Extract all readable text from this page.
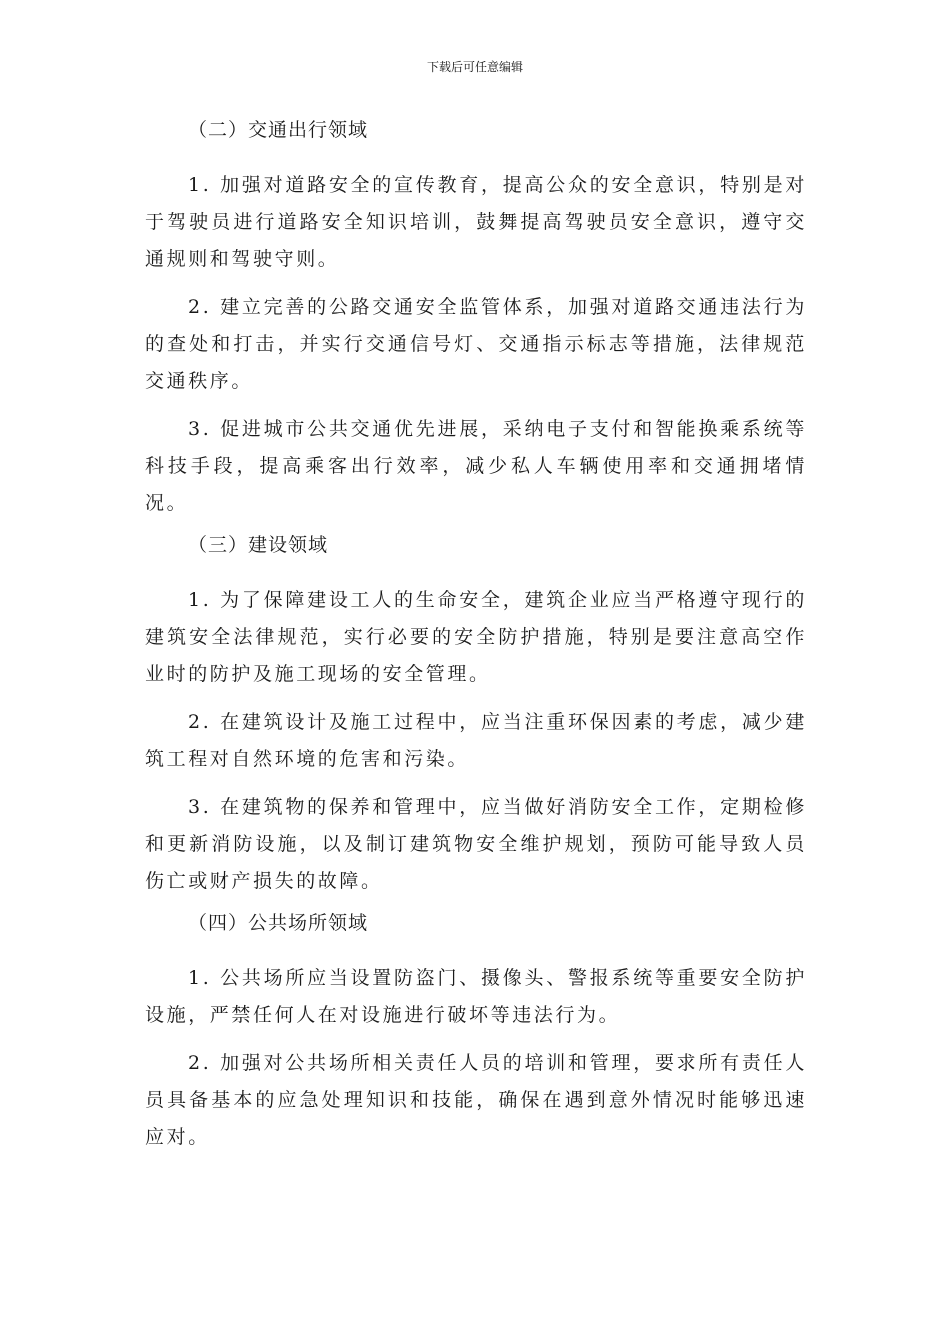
下载后可任意编辑
（二）交通出行领域
1. 加强对道路安全的宣传教育，提高公众的安全意识，特别是对于驾驶员进行道路安全知识培训，鼓舞提高驾驶员安全意识，遵守交通规则和驾驶守则。
2. 建立完善的公路交通安全监管体系，加强对道路交通违法行为的查处和打击，并实行交通信号灯、交通指示标志等措施，法律规范交通秩序。
3. 促进城市公共交通优先进展，采纳电子支付和智能换乘系统等科技手段，提高乘客出行效率，减少私人车辆使用率和交通拥堵情况。
（三）建设领域
1. 为了保障建设工人的生命安全，建筑企业应当严格遵守现行的建筑安全法律规范，实行必要的安全防护措施，特别是要注意高空作业时的防护及施工现场的安全管理。
2. 在建筑设计及施工过程中，应当注重环保因素的考虑，减少建筑工程对自然环境的危害和污染。
3. 在建筑物的保养和管理中，应当做好消防安全工作，定期检修和更新消防设施，以及制订建筑物安全维护规划，预防可能导致人员伤亡或财产损失的故障。
（四）公共场所领域
1. 公共场所应当设置防盗门、摄像头、警报系统等重要安全防护设施，严禁任何人在对设施进行破坏等违法行为。
2. 加强对公共场所相关责任人员的培训和管理，要求所有责任人员具备基本的应急处理知识和技能，确保在遇到意外情况时能够迅速应对。
